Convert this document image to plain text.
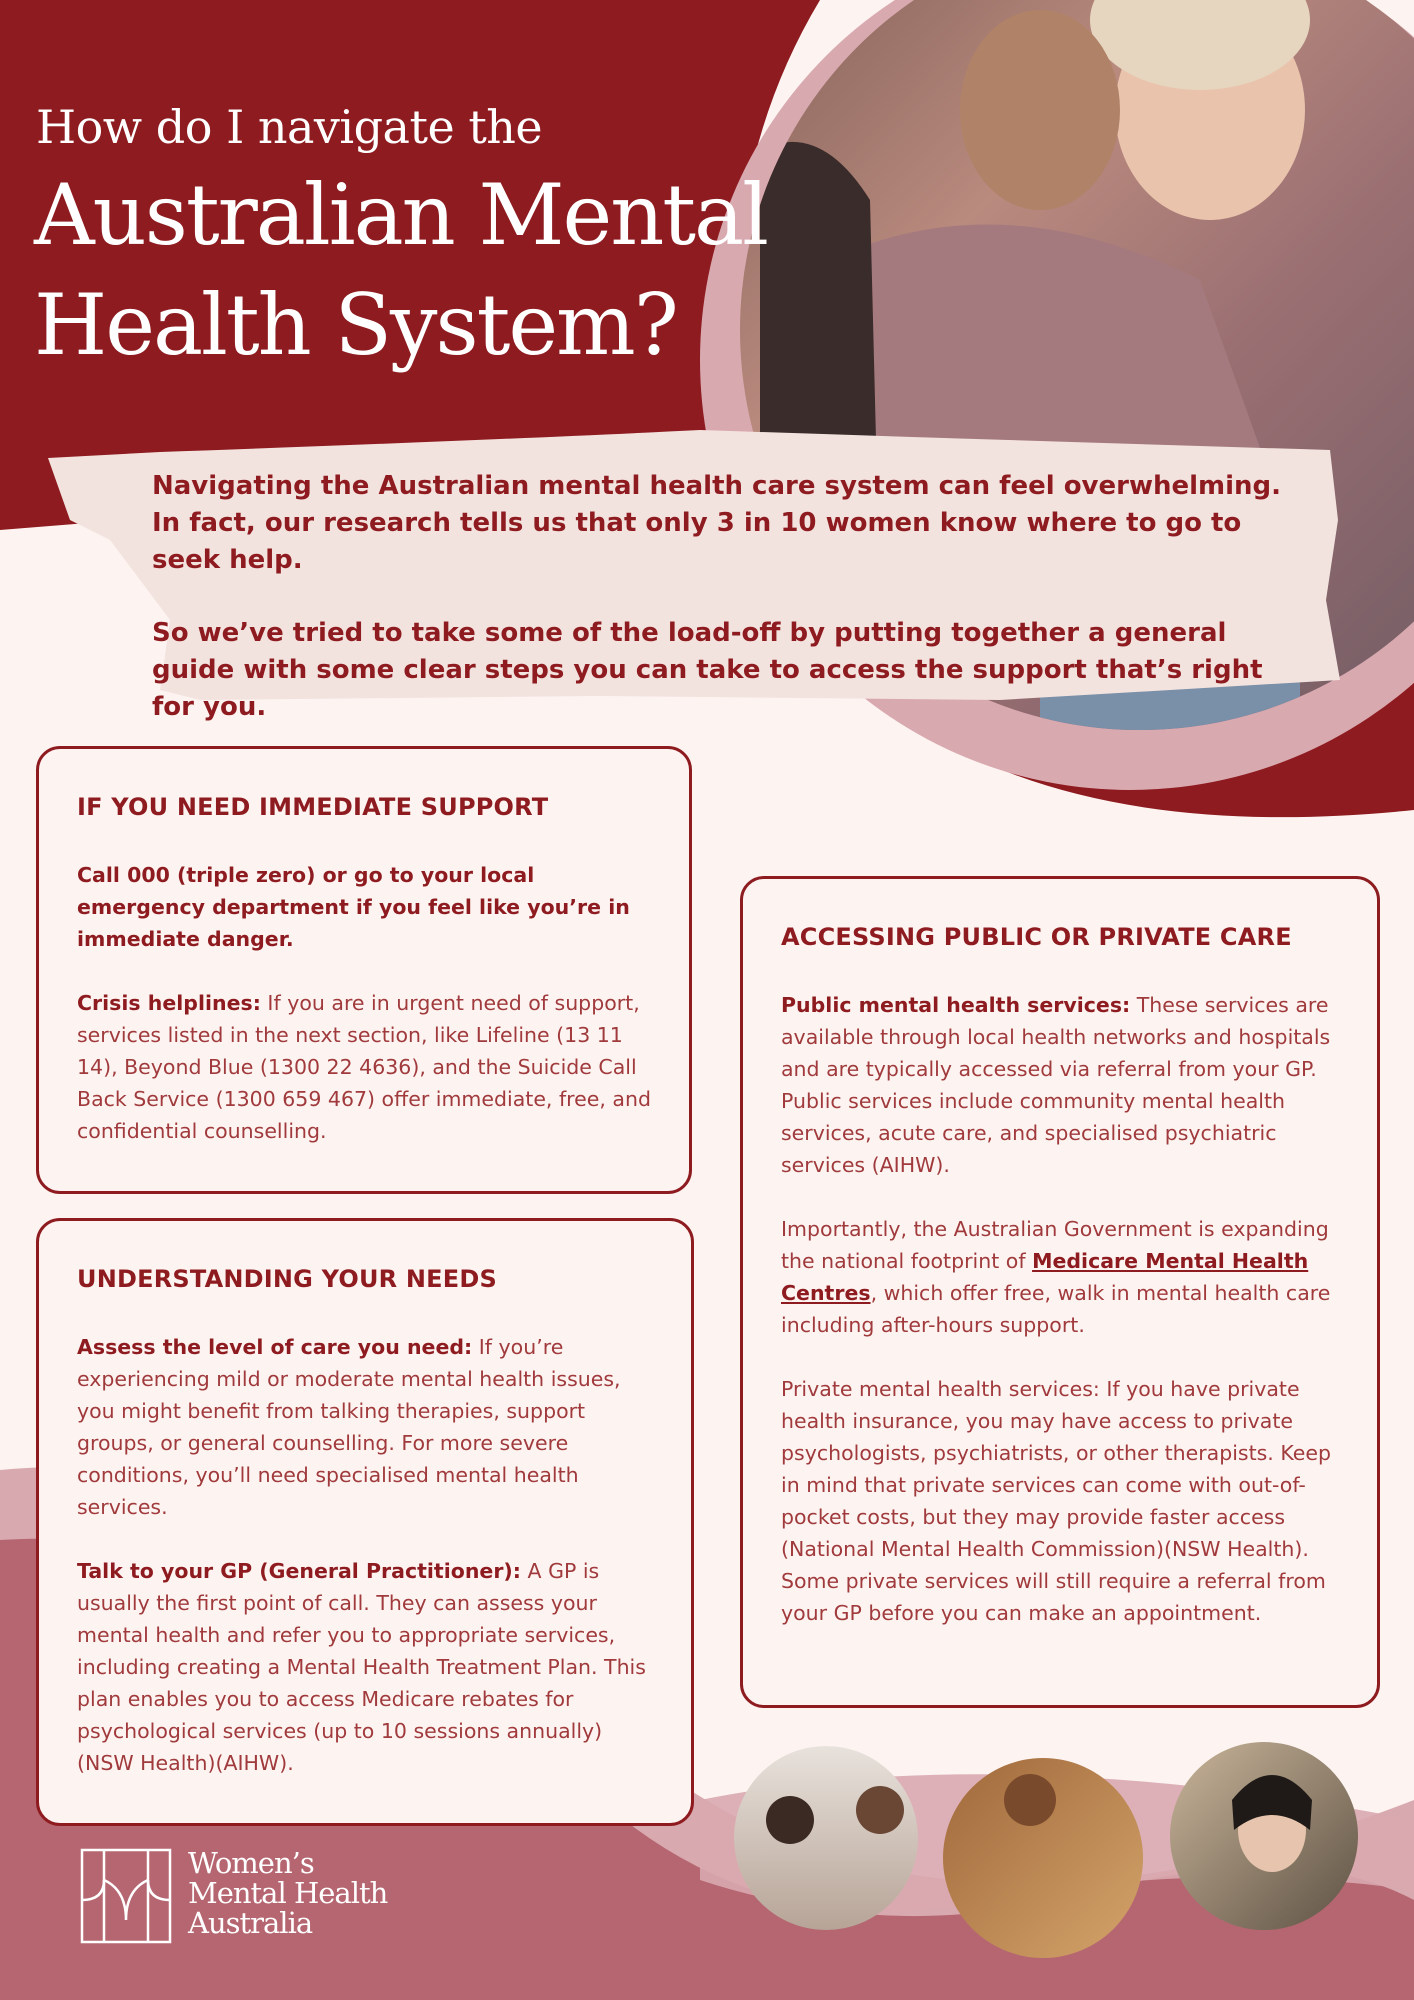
How do I navigate the
Australian Mental
Health System?

Navigating the Australian mental health care system can feel overwhelming. In fact, our research tells us that only 3 in 10 women know where to go to seek help.

So we’ve tried to take some of the load-off by putting together a general guide with some clear steps you can take to access the support that’s right for you.

IF YOU NEED IMMEDIATE SUPPORT

Call 000 (triple zero) or go to your local emergency department if you feel like you’re in immediate danger.

Crisis helplines: If you are in urgent need of support, services listed in the next section, like Lifeline (13 11 14), Beyond Blue (1300 22 4636), and the Suicide Call Back Service (1300 659 467) offer immediate, free, and confidential counselling.

UNDERSTANDING YOUR NEEDS

Assess the level of care you need: If you’re experiencing mild or moderate mental health issues, you might benefit from talking therapies, support groups, or general counselling. For more severe conditions, you’ll need specialised mental health services.

Talk to your GP (General Practitioner): A GP is usually the first point of call. They can assess your mental health and refer you to appropriate services, including creating a Mental Health Treatment Plan. This plan enables you to access Medicare rebates for psychological services (up to 10 sessions annually) (NSW Health)(AIHW).

ACCESSING PUBLIC OR PRIVATE CARE

Public mental health services: These services are available through local health networks and hospitals and are typically accessed via referral from your GP. Public services include community mental health services, acute care, and specialised psychiatric services (AIHW).

Importantly, the Australian Government is expanding the national footprint of Medicare Mental Health Centres, which offer free, walk in mental health care including after-hours support.

Private mental health services: If you have private health insurance, you may have access to private psychologists, psychiatrists, or other therapists. Keep in mind that private services can come with out-of-pocket costs, but they may provide faster access (National Mental Health Commission)(NSW Health). Some private services will still require a referral from your GP before you can make an appointment.

Women’s
Mental Health
Australia
